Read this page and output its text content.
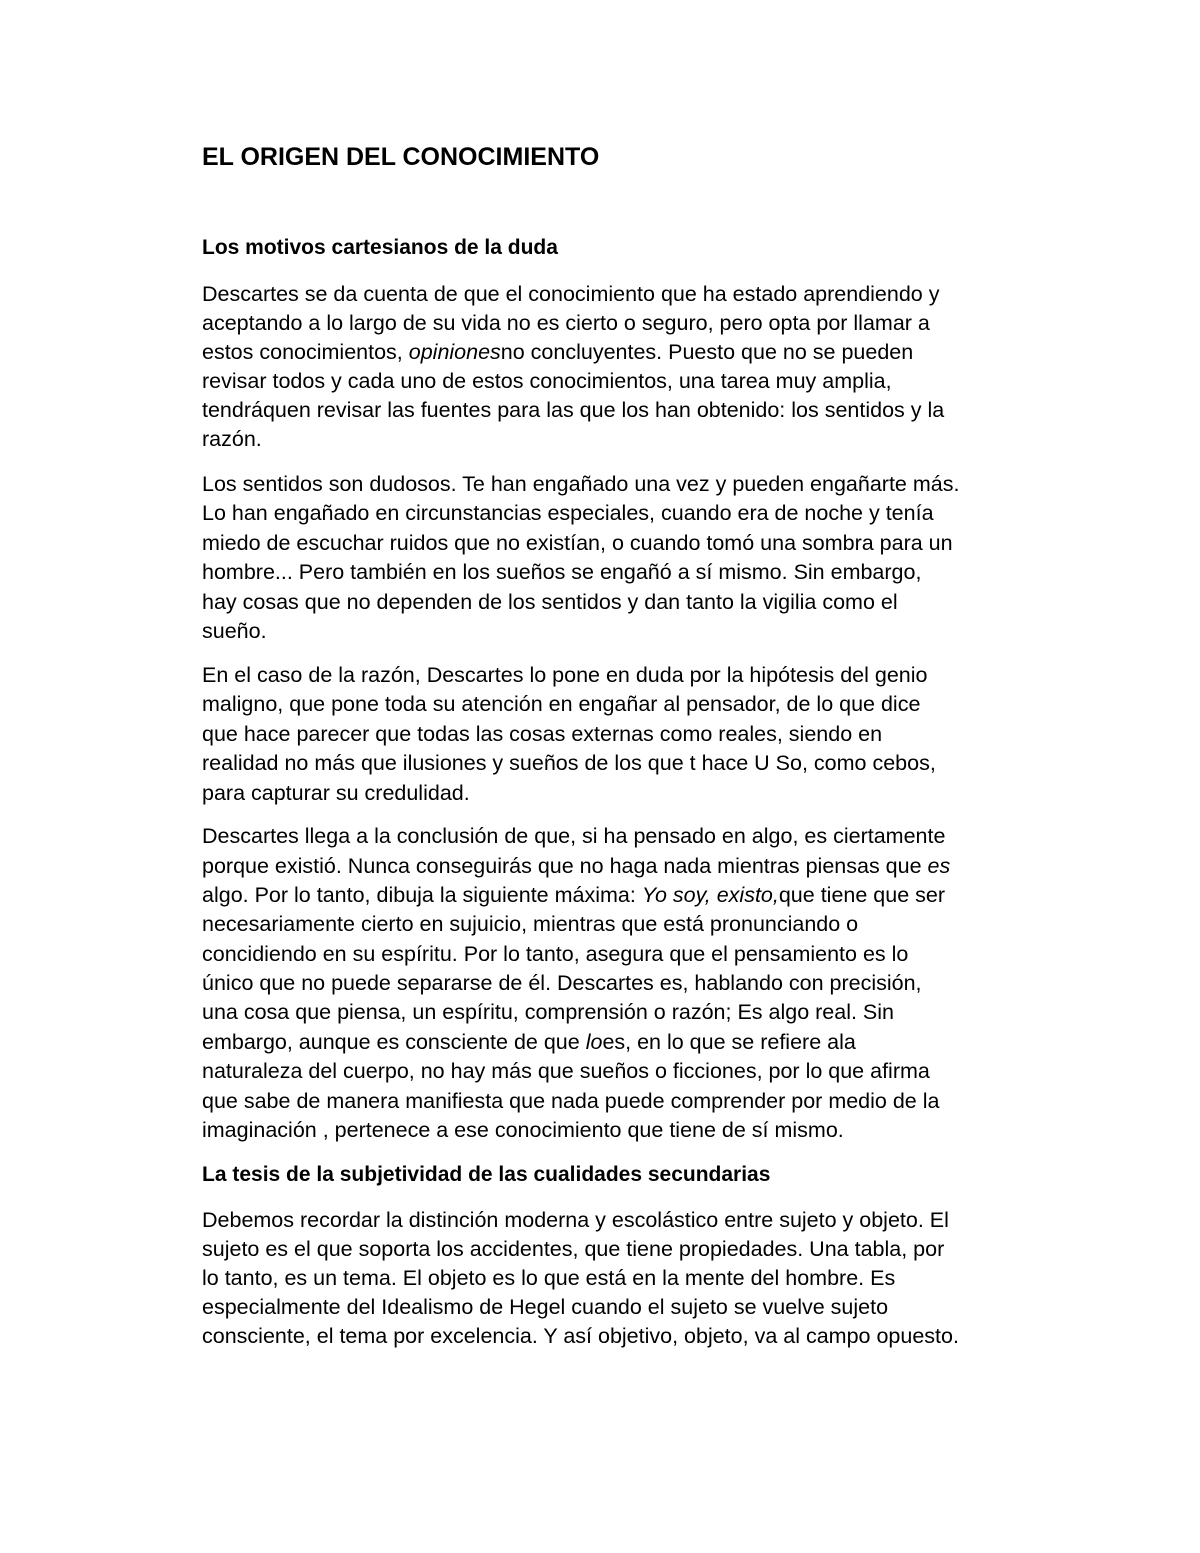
EL ORIGEN DEL CONOCIMIENTO
Los motivos cartesianos de la duda

Descartes se da cuenta de que el conocimiento que ha estado aprendiendo y

aceptando a lo largo de su vida no es cierto o seguro, pero opta por llamar a

estos conocimientos, opinionesno concluyentes. Puesto que no se pueden

revisar todos y cada uno de estos conocimientos, una tarea muy amplia,

tendráquen revisar las fuentes para las que los han obtenido: los sentidos y la

razón.

Los sentidos son dudosos. Te han engañado una vez y pueden engañarte más.

Lo han engañado en circunstancias especiales, cuando era de noche y tenía

miedo de escuchar ruidos que no existían, o cuando tomó una sombra para un

hombre... Pero también en los sueños se engañó a sí mismo. Sin embargo,

hay cosas que no dependen de los sentidos y dan tanto la vigilia como el

sueño.

En el caso de la razón, Descartes lo pone en duda por la hipótesis del genio

maligno, que pone toda su atención en engañar al pensador, de lo que dice

que hace parecer que todas las cosas externas como reales, siendo en

realidad no más que ilusiones y sueños de los que t hace U So, como cebos,

para capturar su credulidad.

Descartes llega a la conclusión de que, si ha pensado en algo, es ciertamente

porque existió. Nunca conseguirás que no haga nada mientras piensas que es

algo. Por lo tanto, dibuja la siguiente máxima: Yo soy, existo,que tiene que ser

necesariamente cierto en sujuicio, mientras que está pronunciando o

concidiendo en su espíritu. Por lo tanto, asegura que el pensamiento es lo

único que no puede separarse de él. Descartes es, hablando con precisión,

una cosa que piensa, un espíritu, comprensión o razón; Es algo real. Sin

embargo, aunque es consciente de que loes, en lo que se refiere ala

naturaleza del cuerpo, no hay más que sueños o ficciones, por lo que afirma

que sabe de manera manifiesta que nada puede comprender por medio de la

imaginación , pertenece a ese conocimiento que tiene de sí mismo.

La tesis de la subjetividad de las cualidades secundarias

Debemos recordar la distinción moderna y escolástico entre sujeto y objeto. El

sujeto es el que soporta los accidentes, que tiene propiedades. Una tabla, por

lo tanto, es un tema. El objeto es lo que está en la mente del hombre. Es

especialmente del Idealismo de Hegel cuando el sujeto se vuelve sujeto

consciente, el tema por excelencia. Y así objetivo, objeto, va al campo opuesto.
